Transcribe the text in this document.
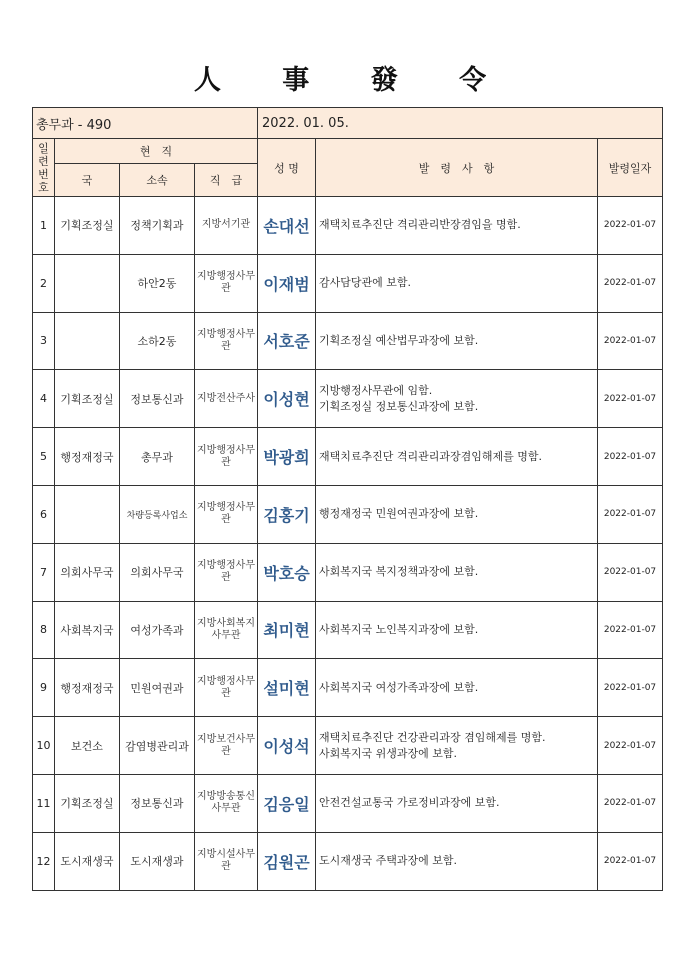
人 事 發 令
총무과 - 490				2022. 01. 05.		
일
련
번
호	현　직			성 명	발　령　사　항	발령일자
	국	소속	직　급			
1	기획조정실	정책기획과	지방서기관	손대선	재택치료추진단 격리관리반장겸임을 명함.	2022-01-07
2		하안2동	지방행정사무관	이재범	감사담당관에 보함.	2022-01-07
3		소하2동	지방행정사무관	서호준	기획조정실 예산법무과장에 보함.	2022-01-07
4	기획조정실	정보통신과	지방전산주사	이성현	지방행정사무관에 임함.
기획조정실 정보통신과장에 보함.	2022-01-07
5	행정재정국	총무과	지방행정사무관	박광희	재택치료추진단 격리관리과장겸임해제를 명함.	2022-01-07
6		차량등록사업소	지방행정사무관	김홍기	행정재정국 민원여권과장에 보함.	2022-01-07
7	의회사무국	의회사무국	지방행정사무관	박호승	사회복지국 복지정책과장에 보함.	2022-01-07
8	사회복지국	여성가족과	지방사회복지사무관	최미현	사회복지국 노인복지과장에 보함.	2022-01-07
9	행정재정국	민원여권과	지방행정사무관	설미현	사회복지국 여성가족과장에 보함.	2022-01-07
10	보건소	감염병관리과	지방보건사무관	이성석	재택치료추진단 건강관리과장 겸임해제를 명함.
사회복지국 위생과장에 보함.	2022-01-07
11	기획조정실	정보통신과	지방방송통신사무관	김응일	안전건설교통국 가로정비과장에 보함.	2022-01-07
12	도시재생국	도시재생과	지방시설사무관	김원곤	도시재생국 주택과장에 보함.	2022-01-07
